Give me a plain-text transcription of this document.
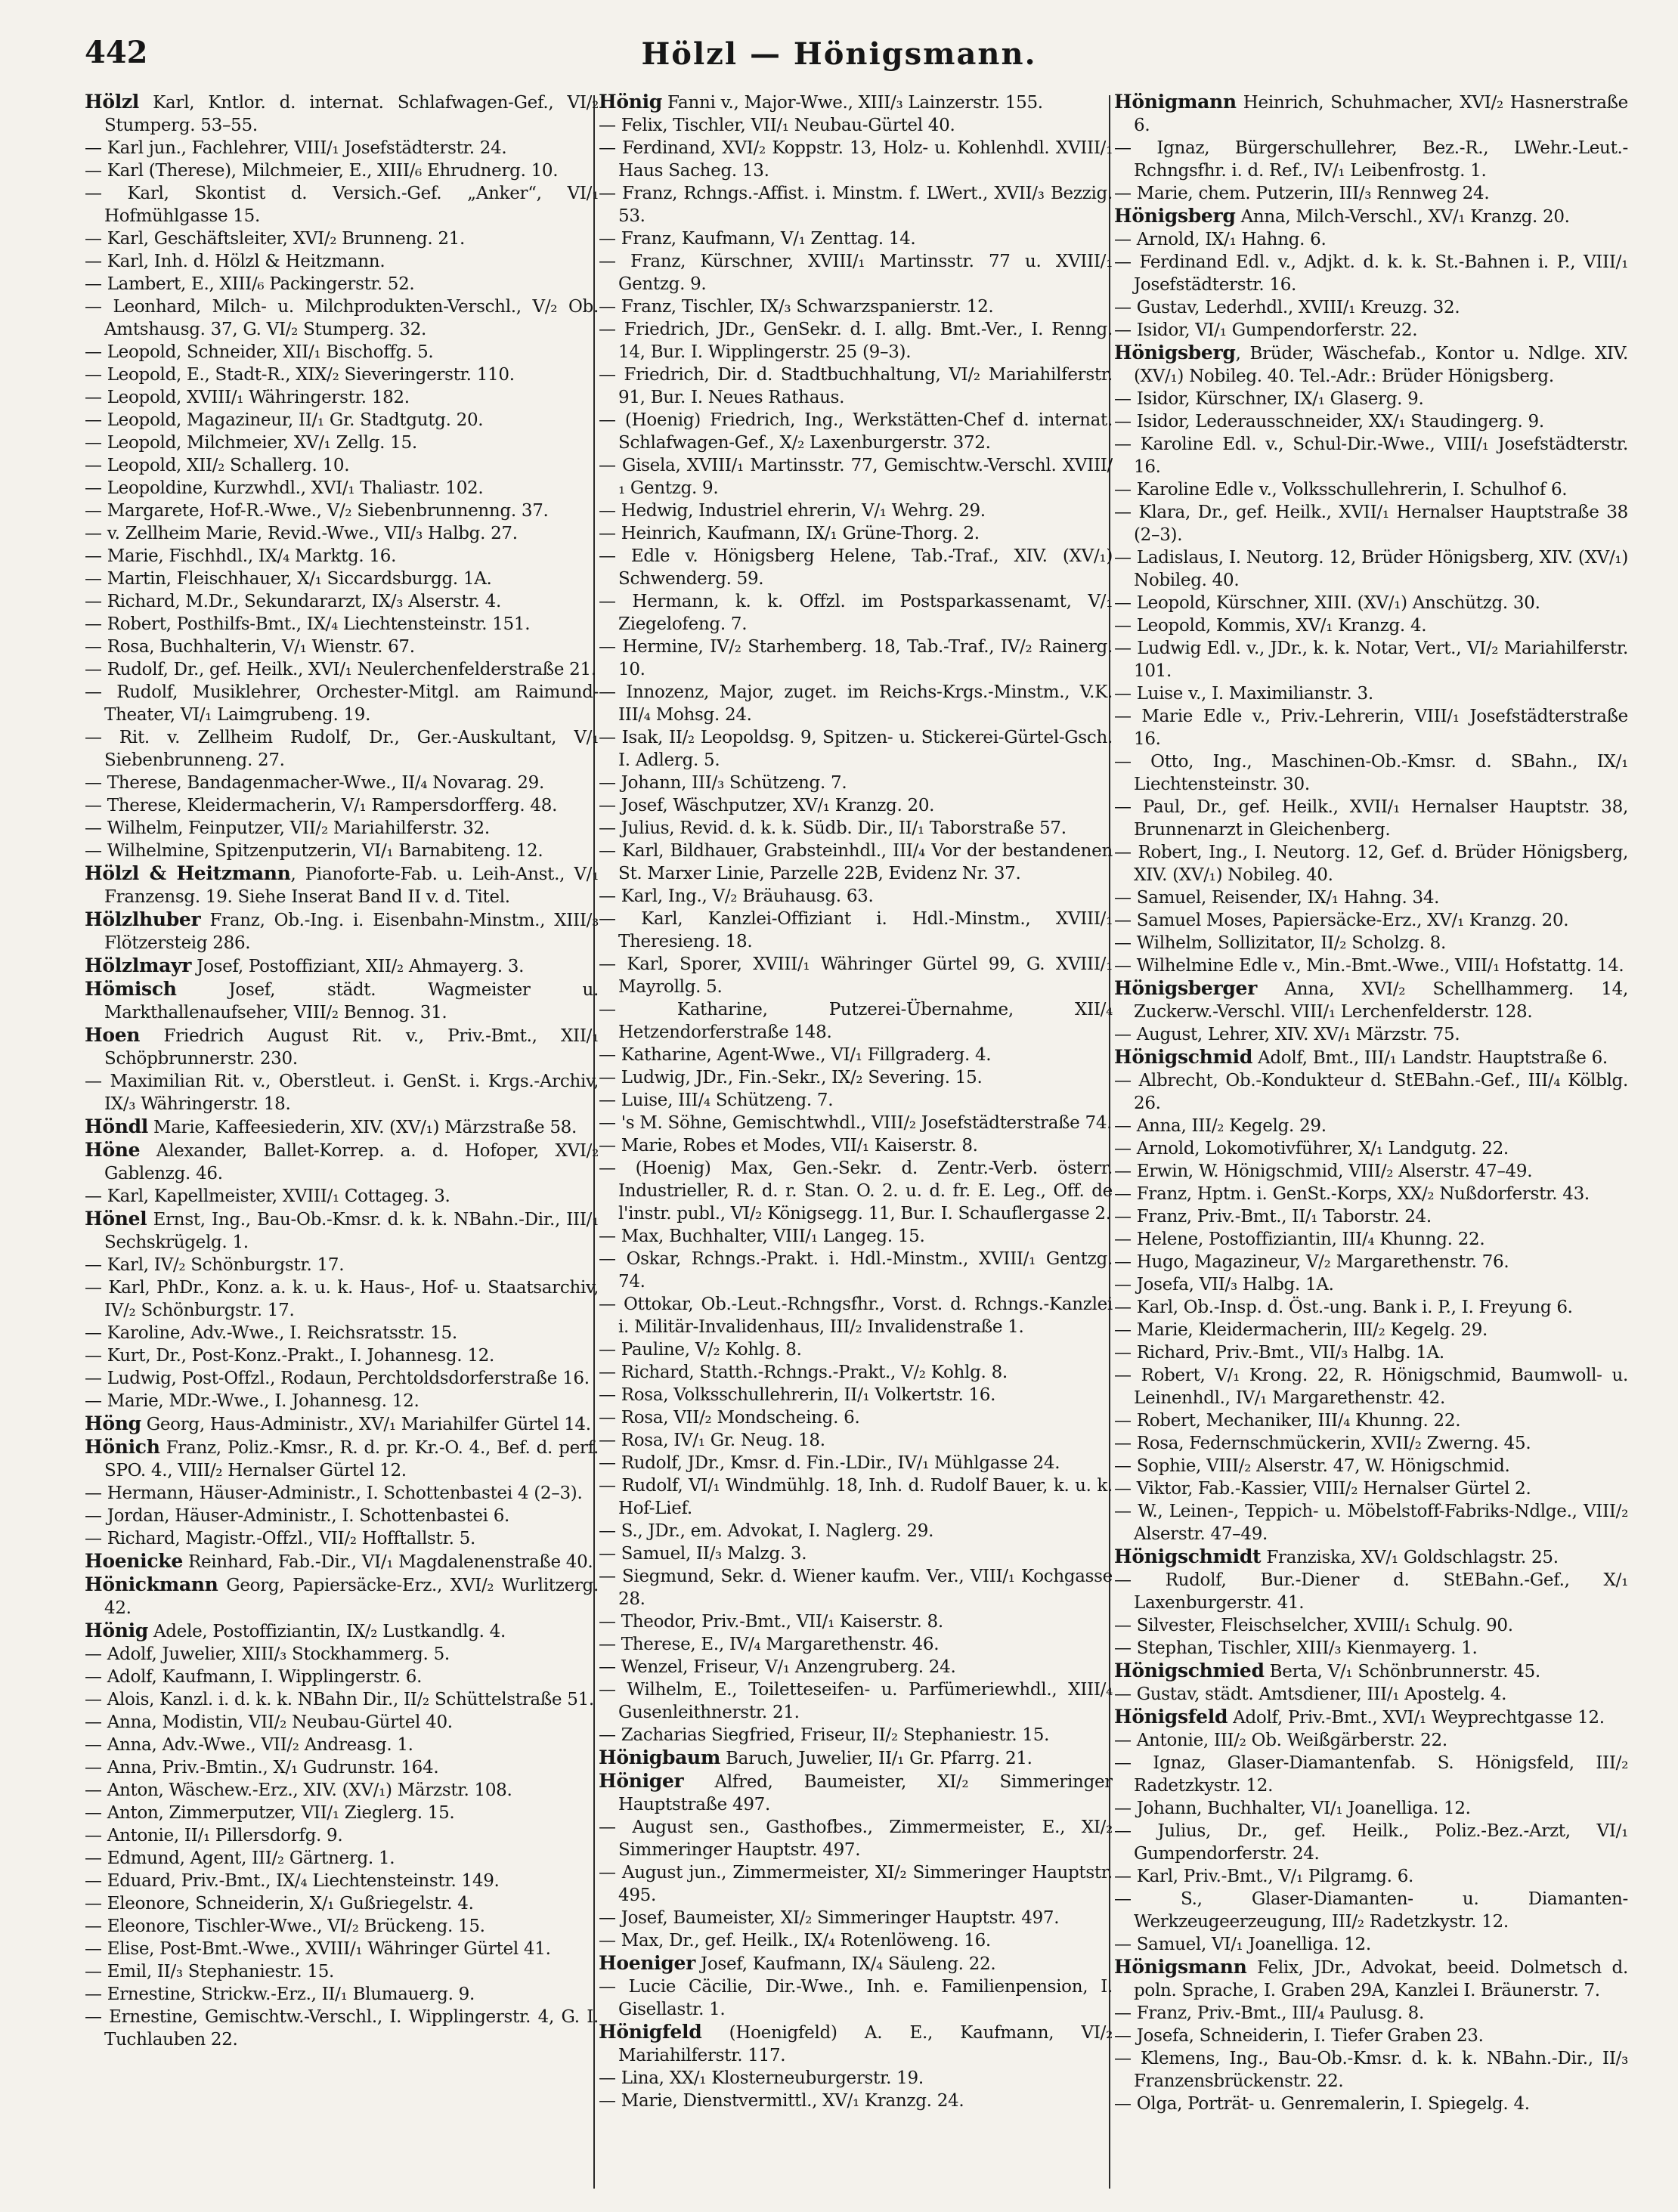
442	Hölzl — Hönigsmann.

Hölzl Karl, Kntlor. d. internat. Schlafwagen-Gef., VI/₂ Stumperg. 53–55.

— Karl jun., Fachlehrer, VIII/₁ Josefstädterstr. 24.

— Karl (Therese), Milchmeier, E., XIII/₆ Ehrudnerg. 10.

— Karl, Skontist d. Versich.-Gef. „Anker“, VI/₁ Hofmühlgasse 15.

— Karl, Geschäftsleiter, XVI/₂ Brunneng. 21.

— Karl, Inh. d. Hölzl & Heitzmann.

— Lambert, E., XIII/₆ Packingerstr. 52.

— Leonhard, Milch- u. Milchprodukten-Verschl., V/₂ Ob. Amtshausg. 37, G. VI/₂ Stumperg. 32.

— Leopold, Schneider, XII/₁ Bischoffg. 5.

— Leopold, E., Stadt-R., XIX/₂ Sieveringerstr. 110.

— Leopold, XVIII/₁ Währingerstr. 182.

— Leopold, Magazineur, II/₁ Gr. Stadtgutg. 20.

— Leopold, Milchmeier, XV/₁ Zellg. 15.

— Leopold, XII/₂ Schallerg. 10.

— Leopoldine, Kurzwhdl., XVI/₁ Thaliastr. 102.

— Margarete, Hof-R.-Wwe., V/₂ Siebenbrunnenng. 37.

— v. Zellheim Marie, Revid.-Wwe., VII/₃ Halbg. 27.

— Marie, Fischhdl., IX/₄ Marktg. 16.

— Martin, Fleischhauer, X/₁ Siccardsburgg. 1A.

— Richard, M.Dr., Sekundararzt, IX/₃ Alserstr. 4.

— Robert, Posthilfs-Bmt., IX/₄ Liechtensteinstr. 151.

— Rosa, Buchhalterin, V/₁ Wienstr. 67.

— Rudolf, Dr., gef. Heilk., XVI/₁ Neulerchenfelderstraße 21.

— Rudolf, Musiklehrer, Orchester-Mitgl. am Raimund-Theater, VI/₁ Laimgrubeng. 19.

— Rit. v. Zellheim Rudolf, Dr., Ger.-Auskultant, V/₁ Siebenbrunneng. 27.

— Therese, Bandagenmacher-Wwe., II/₄ Novarag. 29.

— Therese, Kleidermacherin, V/₁ Rampersdorfferg. 48.

— Wilhelm, Feinputzer, VII/₂ Mariahilferstr. 32.

— Wilhelmine, Spitzenputzerin, VI/₁ Barnabiteng. 12.

Hölzl & Heitzmann, Pianoforte-Fab. u. Leih-Anst., V/₁ Franzensg. 19. Siehe Inserat Band II v. d. Titel.

Hölzlhuber Franz, Ob.-Ing. i. Eisenbahn-Minstm., XIII/₃ Flötzersteig 286.

Hölzlmayr Josef, Postoffiziant, XII/₂ Ahmayerg. 3.

Hömisch Josef, städt. Wagmeister u. Markthallenaufseher, VIII/₂ Bennog. 31.

Hoen Friedrich August Rit. v., Priv.-Bmt., XII/₁ Schöpbrunnerstr. 230.

— Maximilian Rit. v., Oberstleut. i. GenSt. i. Krgs.-Archiv, IX/₃ Währingerstr. 18.

Höndl Marie, Kaffeesiederin, XIV. (XV/₁) Märzstraße 58.

Höne Alexander, Ballet-Korrep. a. d. Hofoper, XVI/₂ Gablenzg. 46.

— Karl, Kapellmeister, XVIII/₁ Cottageg. 3.

Hönel Ernst, Ing., Bau-Ob.-Kmsr. d. k. k. NBahn.-Dir., III/₁ Sechskrügelg. 1.

— Karl, IV/₂ Schönburgstr. 17.

— Karl, PhDr., Konz. a. k. u. k. Haus-, Hof- u. Staatsarchiv, IV/₂ Schönburgstr. 17.

— Karoline, Adv.-Wwe., I. Reichsratsstr. 15.

— Kurt, Dr., Post-Konz.-Prakt., I. Johannesg. 12.

— Ludwig, Post-Offzl., Rodaun, Perchtoldsdorferstraße 16.

— Marie, MDr.-Wwe., I. Johannesg. 12.

Höng Georg, Haus-Administr., XV/₁ Mariahilfer Gürtel 14.

Hönich Franz, Poliz.-Kmsr., R. d. pr. Kr.-O. 4., Bef. d. perf. SPO. 4., VIII/₂ Hernalser Gürtel 12.

— Hermann, Häuser-Administr., I. Schottenbastei 4 (2–3).

— Jordan, Häuser-Administr., I. Schottenbastei 6.

— Richard, Magistr.-Offzl., VII/₂ Hofftallstr. 5.

Hoenicke Reinhard, Fab.-Dir., VI/₁ Magdalenenstraße 40.

Hönickmann Georg, Papiersäcke-Erz., XVI/₂ Wurlitzerg. 42.

Hönig Adele, Postoffiziantin, IX/₂ Lustkandlg. 4.

— Adolf, Juwelier, XIII/₃ Stockhammerg. 5.

— Adolf, Kaufmann, I. Wipplingerstr. 6.

— Alois, Kanzl. i. d. k. k. NBahn Dir., II/₂ Schüttelstraße 51.

— Anna, Modistin, VII/₂ Neubau-Gürtel 40.

— Anna, Adv.-Wwe., VII/₂ Andreasg. 1.

— Anna, Priv.-Bmtin., X/₁ Gudrunstr. 164.

— Anton, Wäschew.-Erz., XIV. (XV/₁) Märzstr. 108.

— Anton, Zimmerputzer, VII/₁ Zieglerg. 15.

— Antonie, II/₁ Pillersdorfg. 9.

— Edmund, Agent, III/₂ Gärtnerg. 1.

— Eduard, Priv.-Bmt., IX/₄ Liechtensteinstr. 149.

— Eleonore, Schneiderin, X/₁ Gußriegelstr. 4.

— Eleonore, Tischler-Wwe., VI/₂ Brückeng. 15.

— Elise, Post-Bmt.-Wwe., XVIII/₁ Währinger Gürtel 41.

— Emil, II/₃ Stephaniestr. 15.

— Ernestine, Strickw.-Erz., II/₁ Blumauerg. 9.

— Ernestine, Gemischtw.-Verschl., I. Wipplingerstr. 4, G. I. Tuchlauben 22.

Hönig Fanni v., Major-Wwe., XIII/₃ Lainzerstr. 155.

— Felix, Tischler, VII/₁ Neubau-Gürtel 40.

— Ferdinand, XVI/₂ Koppstr. 13, Holz- u. Kohlenhdl. XVIII/₁ Haus Sacheg. 13.

— Franz, Rchngs.-Affist. i. Minstm. f. LWert., XVII/₃ Bezzig. 53.

— Franz, Kaufmann, V/₁ Zenttag. 14.

— Franz, Kürschner, XVIII/₁ Martinsstr. 77 u. XVIII/₁ Gentzg. 9.

— Franz, Tischler, IX/₃ Schwarzspanierstr. 12.

— Friedrich, JDr., GenSekr. d. I. allg. Bmt.-Ver., I. Renng. 14, Bur. I. Wipplingerstr. 25 (9–3).

— Friedrich, Dir. d. Stadtbuchhaltung, VI/₂ Mariahilferstr. 91, Bur. I. Neues Rathaus.

— (Hoenig) Friedrich, Ing., Werkstätten-Chef d. internat. Schlafwagen-Gef., X/₂ Laxenburgerstr. 372.

— Gisela, XVIII/₁ Martinsstr. 77, Gemischtw.-Verschl. XVIII/₁ Gentzg. 9.

— Hedwig, Industriel ehrerin, V/₁ Wehrg. 29.

— Heinrich, Kaufmann, IX/₁ Grüne-Thorg. 2.

— Edle v. Hönigsberg Helene, Tab.-Traf., XIV. (XV/₁) Schwenderg. 59.

— Hermann, k. k. Offzl. im Postsparkassenamt, V/₁ Ziegelofeng. 7.

— Hermine, IV/₂ Starhemberg. 18, Tab.-Traf., IV/₂ Rainerg. 10.

— Innozenz, Major, zuget. im Reichs-Krgs.-Minstm., V.K. III/₄ Mohsg. 24.

— Isak, II/₂ Leopoldsg. 9, Spitzen- u. Stickerei-Gürtel-Gsch. I. Adlerg. 5.

— Johann, III/₃ Schützeng. 7.

— Josef, Wäschputzer, XV/₁ Kranzg. 20.

— Julius, Revid. d. k. k. Südb. Dir., II/₁ Taborstraße 57.

— Karl, Bildhauer, Grabsteinhdl., III/₄ Vor der bestandenen St. Marxer Linie, Parzelle 22B, Evidenz Nr. 37.

— Karl, Ing., V/₂ Bräuhausg. 63.

— Karl, Kanzlei-Offiziant i. Hdl.-Minstm., XVIII/₁ Theresieng. 18.

— Karl, Sporer, XVIII/₁ Währinger Gürtel 99, G. XVIII/₁ Mayrollg. 5.

— Katharine, Putzerei-Übernahme, XII/₄ Hetzendorferstraße 148.

— Katharine, Agent-Wwe., VI/₁ Fillgraderg. 4.

— Ludwig, JDr., Fin.-Sekr., IX/₂ Severing. 15.

— Luise, III/₄ Schützeng. 7.

— 's M. Söhne, Gemischtwhdl., VIII/₂ Josefstädterstraße 74.

— Marie, Robes et Modes, VII/₁ Kaiserstr. 8.

— (Hoenig) Max, Gen.-Sekr. d. Zentr.-Verb. österr. Industrieller, R. d. r. Stan. O. 2. u. d. fr. E. Leg., Off. de l'instr. publ., VI/₂ Königsegg. 11, Bur. I. Schauflergasse 2.

— Max, Buchhalter, VIII/₁ Langeg. 15.

— Oskar, Rchngs.-Prakt. i. Hdl.-Minstm., XVIII/₁ Gentzg. 74.

— Ottokar, Ob.-Leut.-Rchngsfhr., Vorst. d. Rchngs.-Kanzlei i. Militär-Invalidenhaus, III/₂ Invalidenstraße 1.

— Pauline, V/₂ Kohlg. 8.

— Richard, Statth.-Rchngs.-Prakt., V/₂ Kohlg. 8.

— Rosa, Volksschullehrerin, II/₁ Volkertstr. 16.

— Rosa, VII/₂ Mondscheing. 6.

— Rosa, IV/₁ Gr. Neug. 18.

— Rudolf, JDr., Kmsr. d. Fin.-LDir., IV/₁ Mühlgasse 24.

— Rudolf, VI/₁ Windmühlg. 18, Inh. d. Rudolf Bauer, k. u. k. Hof-Lief.

— S., JDr., em. Advokat, I. Naglerg. 29.

— Samuel, II/₃ Malzg. 3.

— Siegmund, Sekr. d. Wiener kaufm. Ver., VIII/₁ Kochgasse 28.

— Theodor, Priv.-Bmt., VII/₁ Kaiserstr. 8.

— Therese, E., IV/₄ Margarethenstr. 46.

— Wenzel, Friseur, V/₁ Anzengruberg. 24.

— Wilhelm, E., Toiletteseifen- u. Parfümeriewhdl., XIII/₄ Gusenleithnerstr. 21.

— Zacharias Siegfried, Friseur, II/₂ Stephaniestr. 15.

Hönigbaum Baruch, Juwelier, II/₁ Gr. Pfarrg. 21.

Höniger Alfred, Baumeister, XI/₂ Simmeringer Hauptstraße 497.

— August sen., Gasthofbes., Zimmermeister, E., XI/₂ Simmeringer Hauptstr. 497.

— August jun., Zimmermeister, XI/₂ Simmeringer Hauptstr. 495.

— Josef, Baumeister, XI/₂ Simmeringer Hauptstr. 497.

— Max, Dr., gef. Heilk., IX/₄ Rotenlöweng. 16.

Hoeniger Josef, Kaufmann, IX/₄ Säuleng. 22.

— Lucie Cäcilie, Dir.-Wwe., Inh. e. Familienpension, I. Gisellastr. 1.

Hönigfeld (Hoenigfeld) A. E., Kaufmann, VI/₂ Mariahilferstr. 117.

— Lina, XX/₁ Klosterneuburgerstr. 19.

— Marie, Dienstvermittl., XV/₁ Kranzg. 24.

Hönigmann Heinrich, Schuhmacher, XVI/₂ Hasnerstraße 6.

— Ignaz, Bürgerschullehrer, Bez.-R., LWehr.-Leut.-Rchngsfhr. i. d. Ref., IV/₁ Leibenfrostg. 1.

— Marie, chem. Putzerin, III/₃ Rennweg 24.

Hönigsberg Anna, Milch-Verschl., XV/₁ Kranzg. 20.

— Arnold, IX/₁ Hahng. 6.

— Ferdinand Edl. v., Adjkt. d. k. k. St.-Bahnen i. P., VIII/₁ Josefstädterstr. 16.

— Gustav, Lederhdl., XVIII/₁ Kreuzg. 32.

— Isidor, VI/₁ Gumpendorferstr. 22.

Hönigsberg, Brüder, Wäschefab., Kontor u. Ndlge. XIV. (XV/₁) Nobileg. 40. Tel.-Adr.: Brüder Hönigsberg.

— Isidor, Kürschner, IX/₁ Glaserg. 9.

— Isidor, Lederausschneider, XX/₁ Staudingerg. 9.

— Karoline Edl. v., Schul-Dir.-Wwe., VIII/₁ Josefstädterstr. 16.

— Karoline Edle v., Volksschullehrerin, I. Schulhof 6.

— Klara, Dr., gef. Heilk., XVII/₁ Hernalser Hauptstraße 38 (2–3).

— Ladislaus, I. Neutorg. 12, Brüder Hönigsberg, XIV. (XV/₁) Nobileg. 40.

— Leopold, Kürschner, XIII. (XV/₁) Anschützg. 30.

— Leopold, Kommis, XV/₁ Kranzg. 4.

— Ludwig Edl. v., JDr., k. k. Notar, Vert., VI/₂ Mariahilferstr. 101.

— Luise v., I. Maximilianstr. 3.

— Marie Edle v., Priv.-Lehrerin, VIII/₁ Josefstädterstraße 16.

— Otto, Ing., Maschinen-Ob.-Kmsr. d. SBahn., IX/₁ Liechtensteinstr. 30.

— Paul, Dr., gef. Heilk., XVII/₁ Hernalser Hauptstr. 38, Brunnenarzt in Gleichenberg.

— Robert, Ing., I. Neutorg. 12, Gef. d. Brüder Hönigsberg, XIV. (XV/₁) Nobileg. 40.

— Samuel, Reisender, IX/₁ Hahng. 34.

— Samuel Moses, Papiersäcke-Erz., XV/₁ Kranzg. 20.

— Wilhelm, Sollizitator, II/₂ Scholzg. 8.

— Wilhelmine Edle v., Min.-Bmt.-Wwe., VIII/₁ Hofstattg. 14.

Hönigsberger Anna, XVI/₂ Schellhammerg. 14, Zuckerw.-Verschl. VIII/₁ Lerchenfelderstr. 128.

— August, Lehrer, XIV. XV/₁ Märzstr. 75.

Hönigschmid Adolf, Bmt., III/₁ Landstr. Hauptstraße 6.

— Albrecht, Ob.-Kondukteur d. StEBahn.-Gef., III/₄ Kölblg. 26.

— Anna, III/₂ Kegelg. 29.

— Arnold, Lokomotivführer, X/₁ Landgutg. 22.

— Erwin, W. Hönigschmid, VIII/₂ Alserstr. 47–49.

— Franz, Hptm. i. GenSt.-Korps, XX/₂ Nußdorferstr. 43.

— Franz, Priv.-Bmt., II/₁ Taborstr. 24.

— Helene, Postoffiziantin, III/₄ Khunng. 22.

— Hugo, Magazineur, V/₂ Margarethenstr. 76.

— Josefa, VII/₃ Halbg. 1A.

— Karl, Ob.-Insp. d. Öst.-ung. Bank i. P., I. Freyung 6.

— Marie, Kleidermacherin, III/₂ Kegelg. 29.

— Richard, Priv.-Bmt., VII/₃ Halbg. 1A.

— Robert, V/₁ Krong. 22, R. Hönigschmid, Baumwoll- u. Leinenhdl., IV/₁ Margarethenstr. 42.

— Robert, Mechaniker, III/₄ Khunng. 22.

— Rosa, Federnschmückerin, XVII/₂ Zwerng. 45.

— Sophie, VIII/₂ Alserstr. 47, W. Hönigschmid.

— Viktor, Fab.-Kassier, VIII/₂ Hernalser Gürtel 2.

— W., Leinen-, Teppich- u. Möbelstoff-Fabriks-Ndlge., VIII/₂ Alserstr. 47–49.

Hönigschmidt Franziska, XV/₁ Goldschlagstr. 25.

— Rudolf, Bur.-Diener d. StEBahn.-Gef., X/₁ Laxenburgerstr. 41.

— Silvester, Fleischselcher, XVIII/₁ Schulg. 90.

— Stephan, Tischler, XIII/₃ Kienmayerg. 1.

Hönigschmied Berta, V/₁ Schönbrunnerstr. 45.

— Gustav, städt. Amtsdiener, III/₁ Apostelg. 4.

Hönigsfeld Adolf, Priv.-Bmt., XVI/₁ Weyprechtgasse 12.

— Antonie, III/₂ Ob. Weißgärberstr. 22.

— Ignaz, Glaser-Diamantenfab. S. Hönigsfeld, III/₂ Radetzkystr. 12.

— Johann, Buchhalter, VI/₁ Joanelliga. 12.

— Julius, Dr., gef. Heilk., Poliz.-Bez.-Arzt, VI/₁ Gumpendorferstr. 24.

— Karl, Priv.-Bmt., V/₁ Pilgramg. 6.

— S., Glaser-Diamanten- u. Diamanten-Werkzeugeerzeugung, III/₂ Radetzkystr. 12.

— Samuel, VI/₁ Joanelliga. 12.

Hönigsmann Felix, JDr., Advokat, beeid. Dolmetsch d. poln. Sprache, I. Graben 29A, Kanzlei I. Bräunerstr. 7.

— Franz, Priv.-Bmt., III/₄ Paulusg. 8.

— Josefa, Schneiderin, I. Tiefer Graben 23.

— Klemens, Ing., Bau-Ob.-Kmsr. d. k. k. NBahn.-Dir., II/₃ Franzensbrückenstr. 22.

— Olga, Porträt- u. Genremalerin, I. Spiegelg. 4.
